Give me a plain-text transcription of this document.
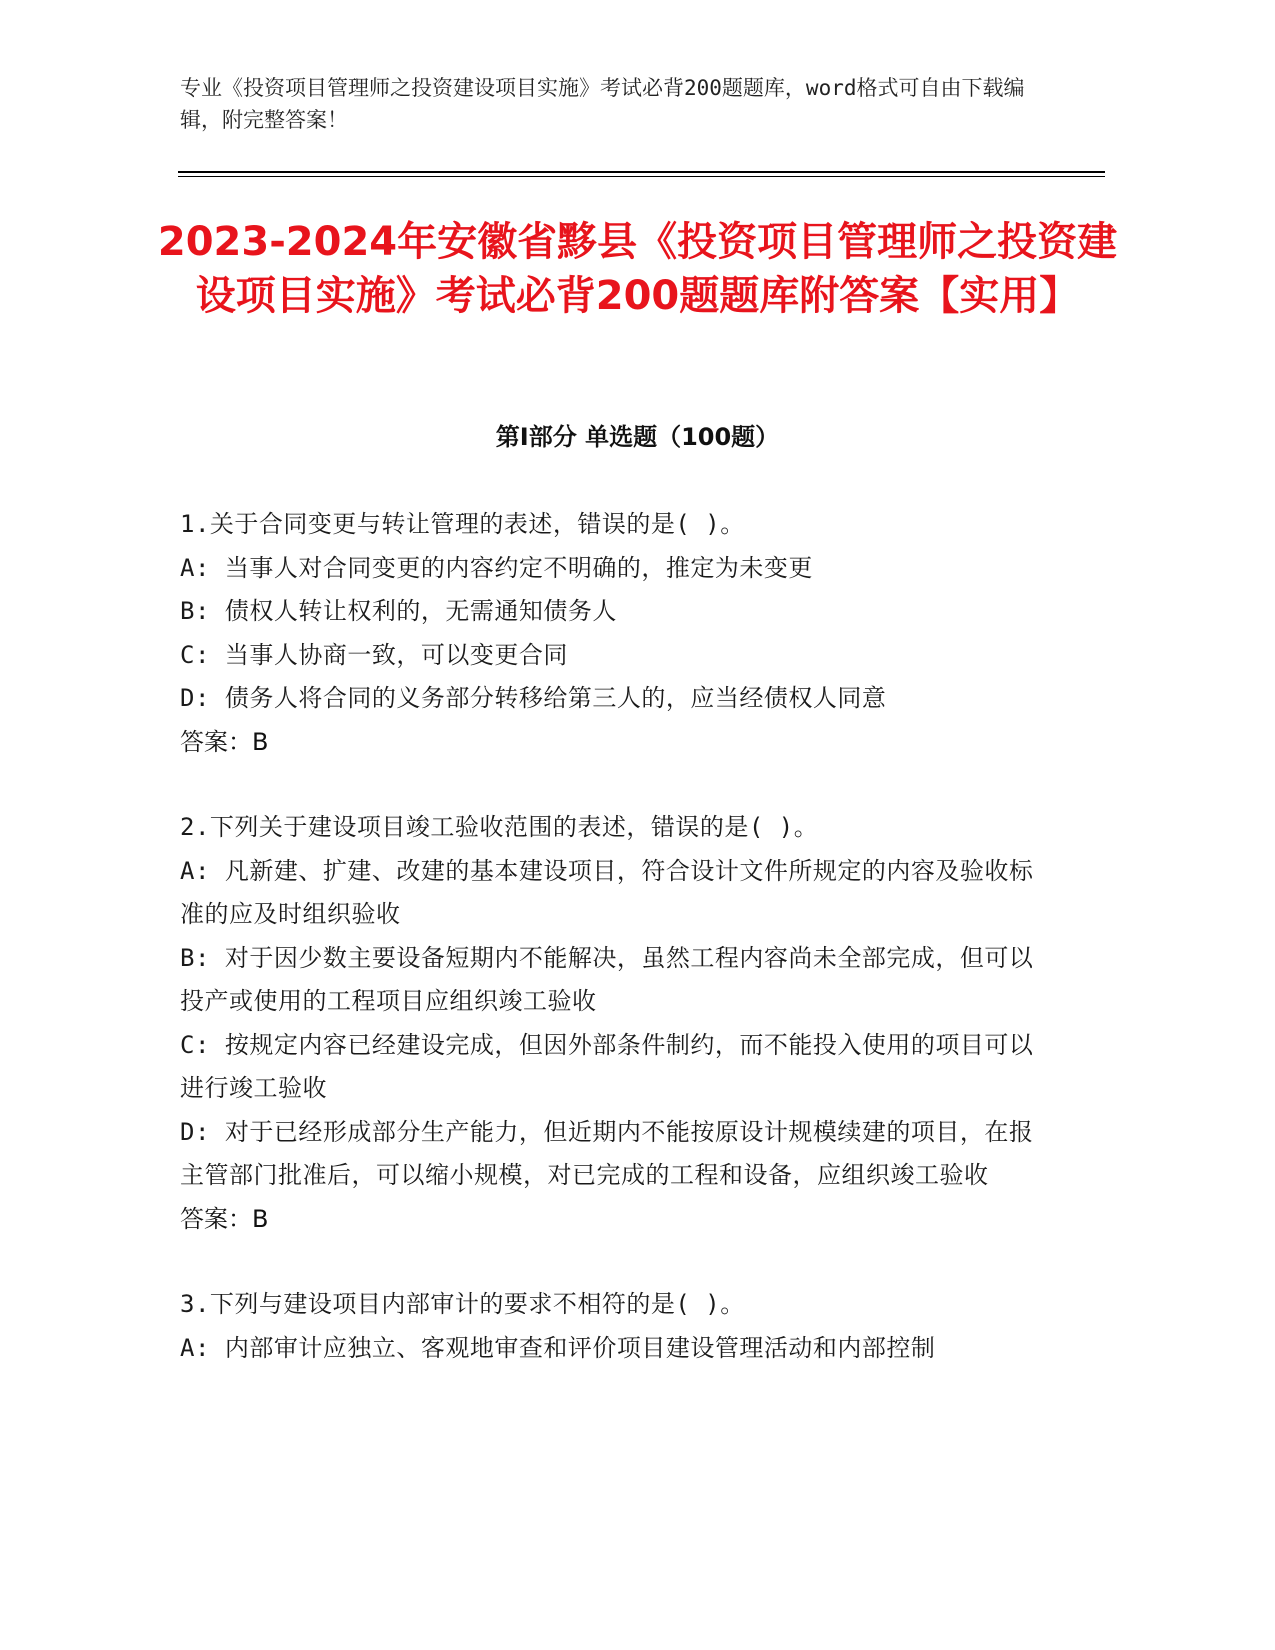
专业《投资项目管理师之投资建设项目实施》考试必背200题题库，word格式可自由下载编辑，附完整答案！
2023-2024年安徽省黟县《投资项目管理师之投资建设项目实施》考试必背200题题库附答案【实用】
第Ⅰ部分 单选题（100题）
1.关于合同变更与转让管理的表述，错误的是( )。
A: 当事人对合同变更的内容约定不明确的，推定为未变更
B: 债权人转让权利的，无需通知债务人
C: 当事人协商一致，可以变更合同
D: 债务人将合同的义务部分转移给第三人的，应当经债权人同意
答案：B
2.下列关于建设项目竣工验收范围的表述，错误的是( )。
A: 凡新建、扩建、改建的基本建设项目，符合设计文件所规定的内容及验收标准的应及时组织验收
B: 对于因少数主要设备短期内不能解决，虽然工程内容尚未全部完成，但可以投产或使用的工程项目应组织竣工验收
C: 按规定内容已经建设完成，但因外部条件制约，而不能投入使用的项目可以进行竣工验收
D: 对于已经形成部分生产能力，但近期内不能按原设计规模续建的项目，在报主管部门批准后，可以缩小规模，对已完成的工程和设备，应组织竣工验收
答案：B
3.下列与建设项目内部审计的要求不相符的是( )。
A: 内部审计应独立、客观地审查和评价项目建设管理活动和内部控制
